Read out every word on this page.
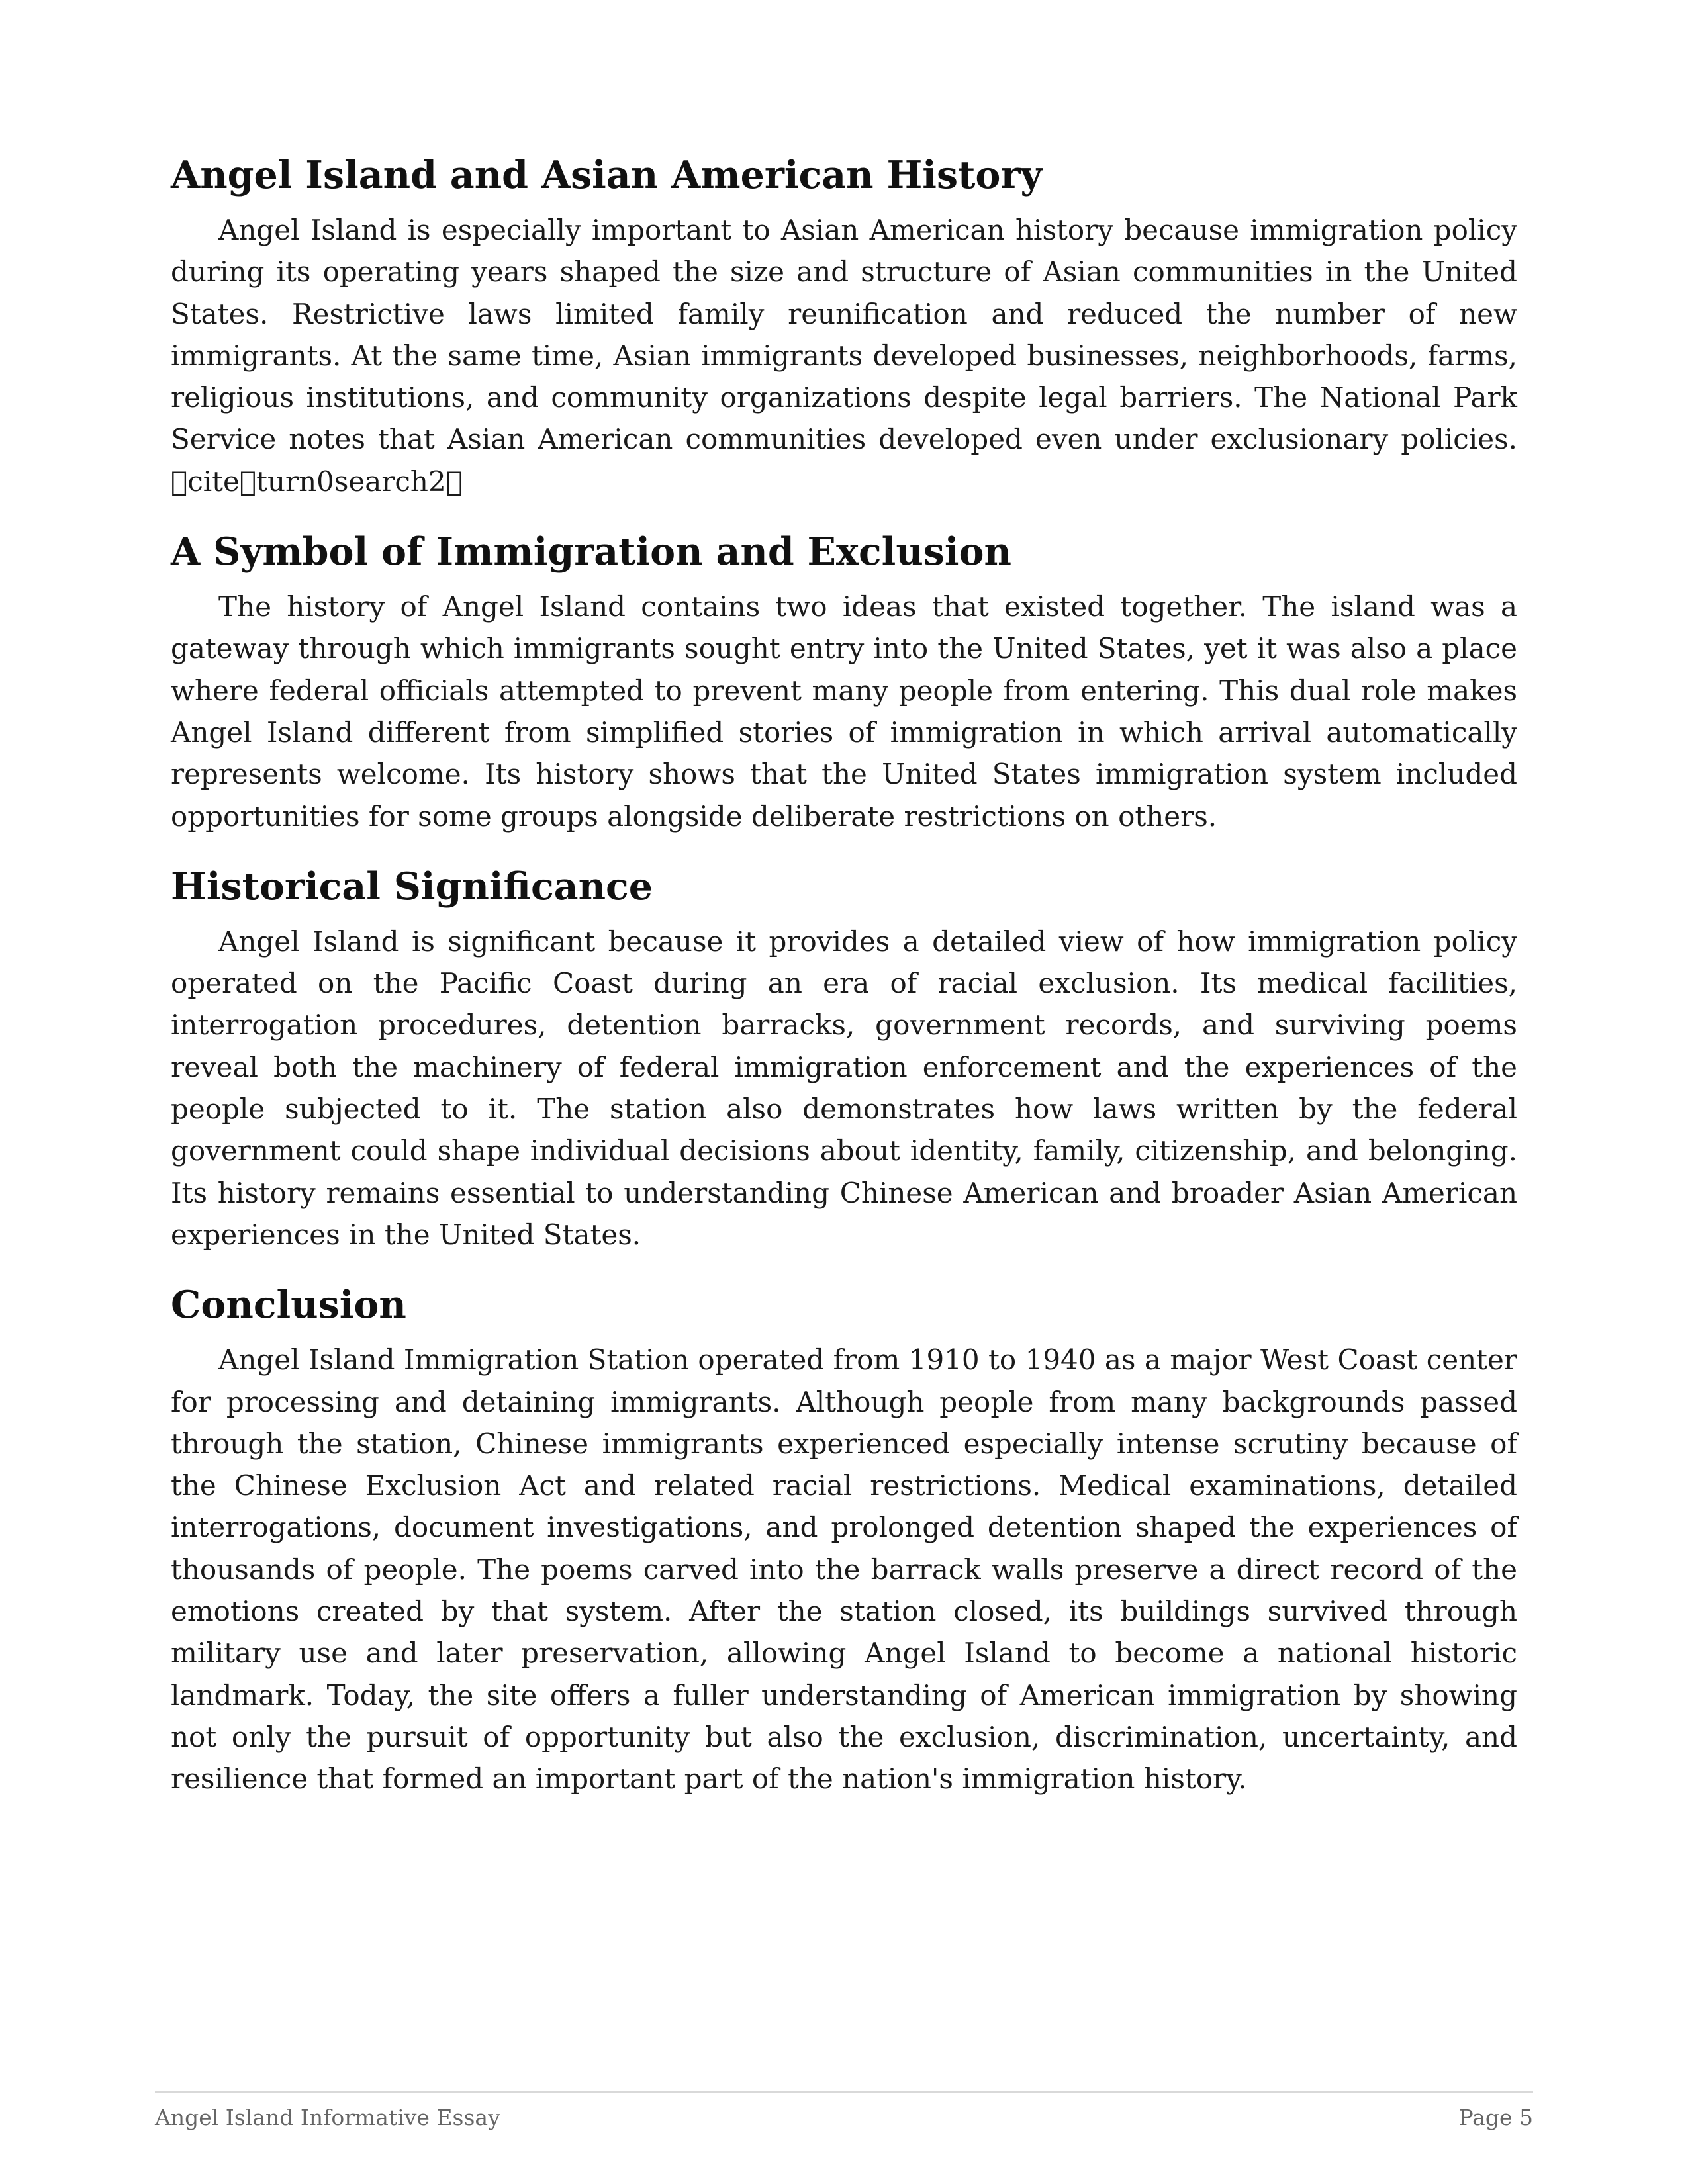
Angel Island and Asian American History

Angel Island is especially important to Asian American history because immigration policy during its operating years shaped the size and structure of Asian communities in the United States. Restrictive laws limited family reunification and reduced the number of new immigrants. At the same time, Asian immigrants developed businesses, neighborhoods, farms, religious institutions, and community organizations despite legal barriers. The National Park Service notes that Asian American communities developed even under exclusionary policies. cite turn0search2

A Symbol of Immigration and Exclusion

The history of Angel Island contains two ideas that existed together. The island was a gateway through which immigrants sought entry into the United States, yet it was also a place where federal officials attempted to prevent many people from entering. This dual role makes Angel Island different from simplified stories of immigration in which arrival automatically represents welcome. Its history shows that the United States immigration system included opportunities for some groups alongside deliberate restrictions on others.

Historical Significance

Angel Island is significant because it provides a detailed view of how immigration policy operated on the Pacific Coast during an era of racial exclusion. Its medical facilities, interrogation procedures, detention barracks, government records, and surviving poems reveal both the machinery of federal immigration enforcement and the experiences of the people subjected to it. The station also demonstrates how laws written by the federal government could shape individual decisions about identity, family, citizenship, and belonging. Its history remains essential to understanding Chinese American and broader Asian American experiences in the United States.

Conclusion

Angel Island Immigration Station operated from 1910 to 1940 as a major West Coast center for processing and detaining immigrants. Although people from many backgrounds passed through the station, Chinese immigrants experienced especially intense scrutiny because of the Chinese Exclusion Act and related racial restrictions. Medical examinations, detailed interrogations, document investigations, and prolonged detention shaped the experiences of thousands of people. The poems carved into the barrack walls preserve a direct record of the emotions created by that system. After the station closed, its buildings survived through military use and later preservation, allowing Angel Island to become a national historic landmark. Today, the site offers a fuller understanding of American immigration by showing not only the pursuit of opportunity but also the exclusion, discrimination, uncertainty, and resilience that formed an important part of the nation's immigration history.

Angel Island Informative Essay	Page 5
